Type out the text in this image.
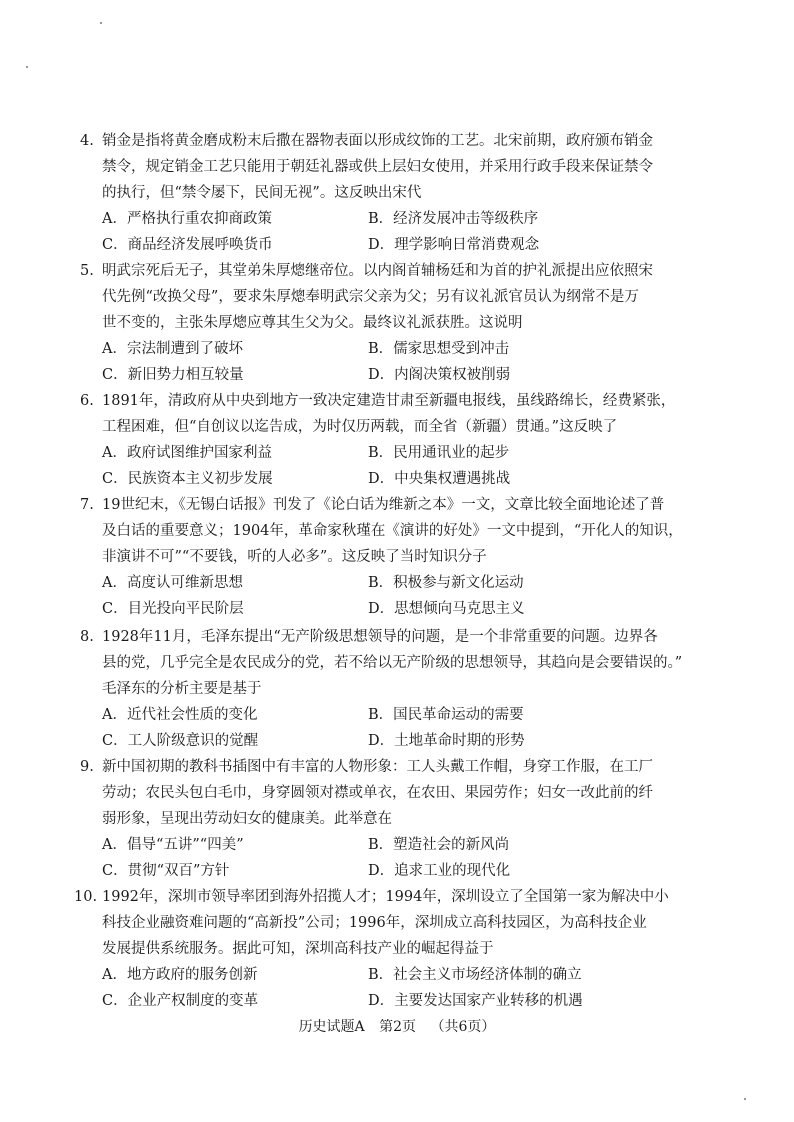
4. 销金是指将黄金磨成粉末后撒在器物表面以形成纹饰的工艺。北宋前期，政府颁布销金
禁令，规定销金工艺只能用于朝廷礼器或供上层妇女使用，并采用行政手段来保证禁令
的执行，但“禁令屡下，民间无视”。这反映出宋代
A．严格执行重农抑商政策	B．经济发展冲击等级秩序
C．商品经济发展呼唤货币	D．理学影响日常消费观念
5. 明武宗死后无子，其堂弟朱厚熜继帝位。以内阁首辅杨廷和为首的护礼派提出应依照宋
代先例“改换父母”，要求朱厚熜奉明武宗父亲为父；另有议礼派官员认为纲常不是万
世不变的，主张朱厚熜应尊其生父为父。最终议礼派获胜。这说明
A．宗法制遭到了破坏	B．儒家思想受到冲击
C．新旧势力相互较量	D．内阁决策权被削弱
6. 1891年，清政府从中央到地方一致决定建造甘肃至新疆电报线，虽线路绵长，经费紧张，
工程困难，但“自创议以迄告成，为时仅历两载，而全省（新疆）贯通。”这反映了
A．政府试图维护国家利益	B．民用通讯业的起步
C．民族资本主义初步发展	D．中央集权遭遇挑战
7. 19世纪末，《无锡白话报》刊发了《论白话为维新之本》一文，文章比较全面地论述了普
及白话的重要意义；1904年，革命家秋瑾在《演讲的好处》一文中提到，“开化人的知识，
非演讲不可”“不要钱，听的人必多”。这反映了当时知识分子
A．高度认可维新思想	B．积极参与新文化运动
C．目光投向平民阶层	D．思想倾向马克思主义
8. 1928年11月，毛泽东提出“无产阶级思想领导的问题，是一个非常重要的问题。边界各
县的党，几乎完全是农民成分的党，若不给以无产阶级的思想领导，其趋向是会要错误的。”
毛泽东的分析主要是基于
A．近代社会性质的变化	B．国民革命运动的需要
C．工人阶级意识的觉醒	D．土地革命时期的形势
9. 新中国初期的教科书插图中有丰富的人物形象：工人头戴工作帽，身穿工作服，在工厂
劳动；农民头包白毛巾，身穿圆领对襟或单衣，在农田、果园劳作；妇女一改此前的纤
弱形象，呈现出劳动妇女的健康美。此举意在
A．倡导“五讲”“四美”	B．塑造社会的新风尚
C．贯彻“双百”方针	D．追求工业的现代化
10. 1992年，深圳市领导率团到海外招揽人才；1994年，深圳设立了全国第一家为解决中小
科技企业融资难问题的“高新投”公司；1996年，深圳成立高科技园区，为高科技企业
发展提供系统服务。据此可知，深圳高科技产业的崛起得益于
A．地方政府的服务创新	B．社会主义市场经济体制的确立
C．企业产权制度的变革	D．主要发达国家产业转移的机遇
历史试题A 第2页 （共6页）
